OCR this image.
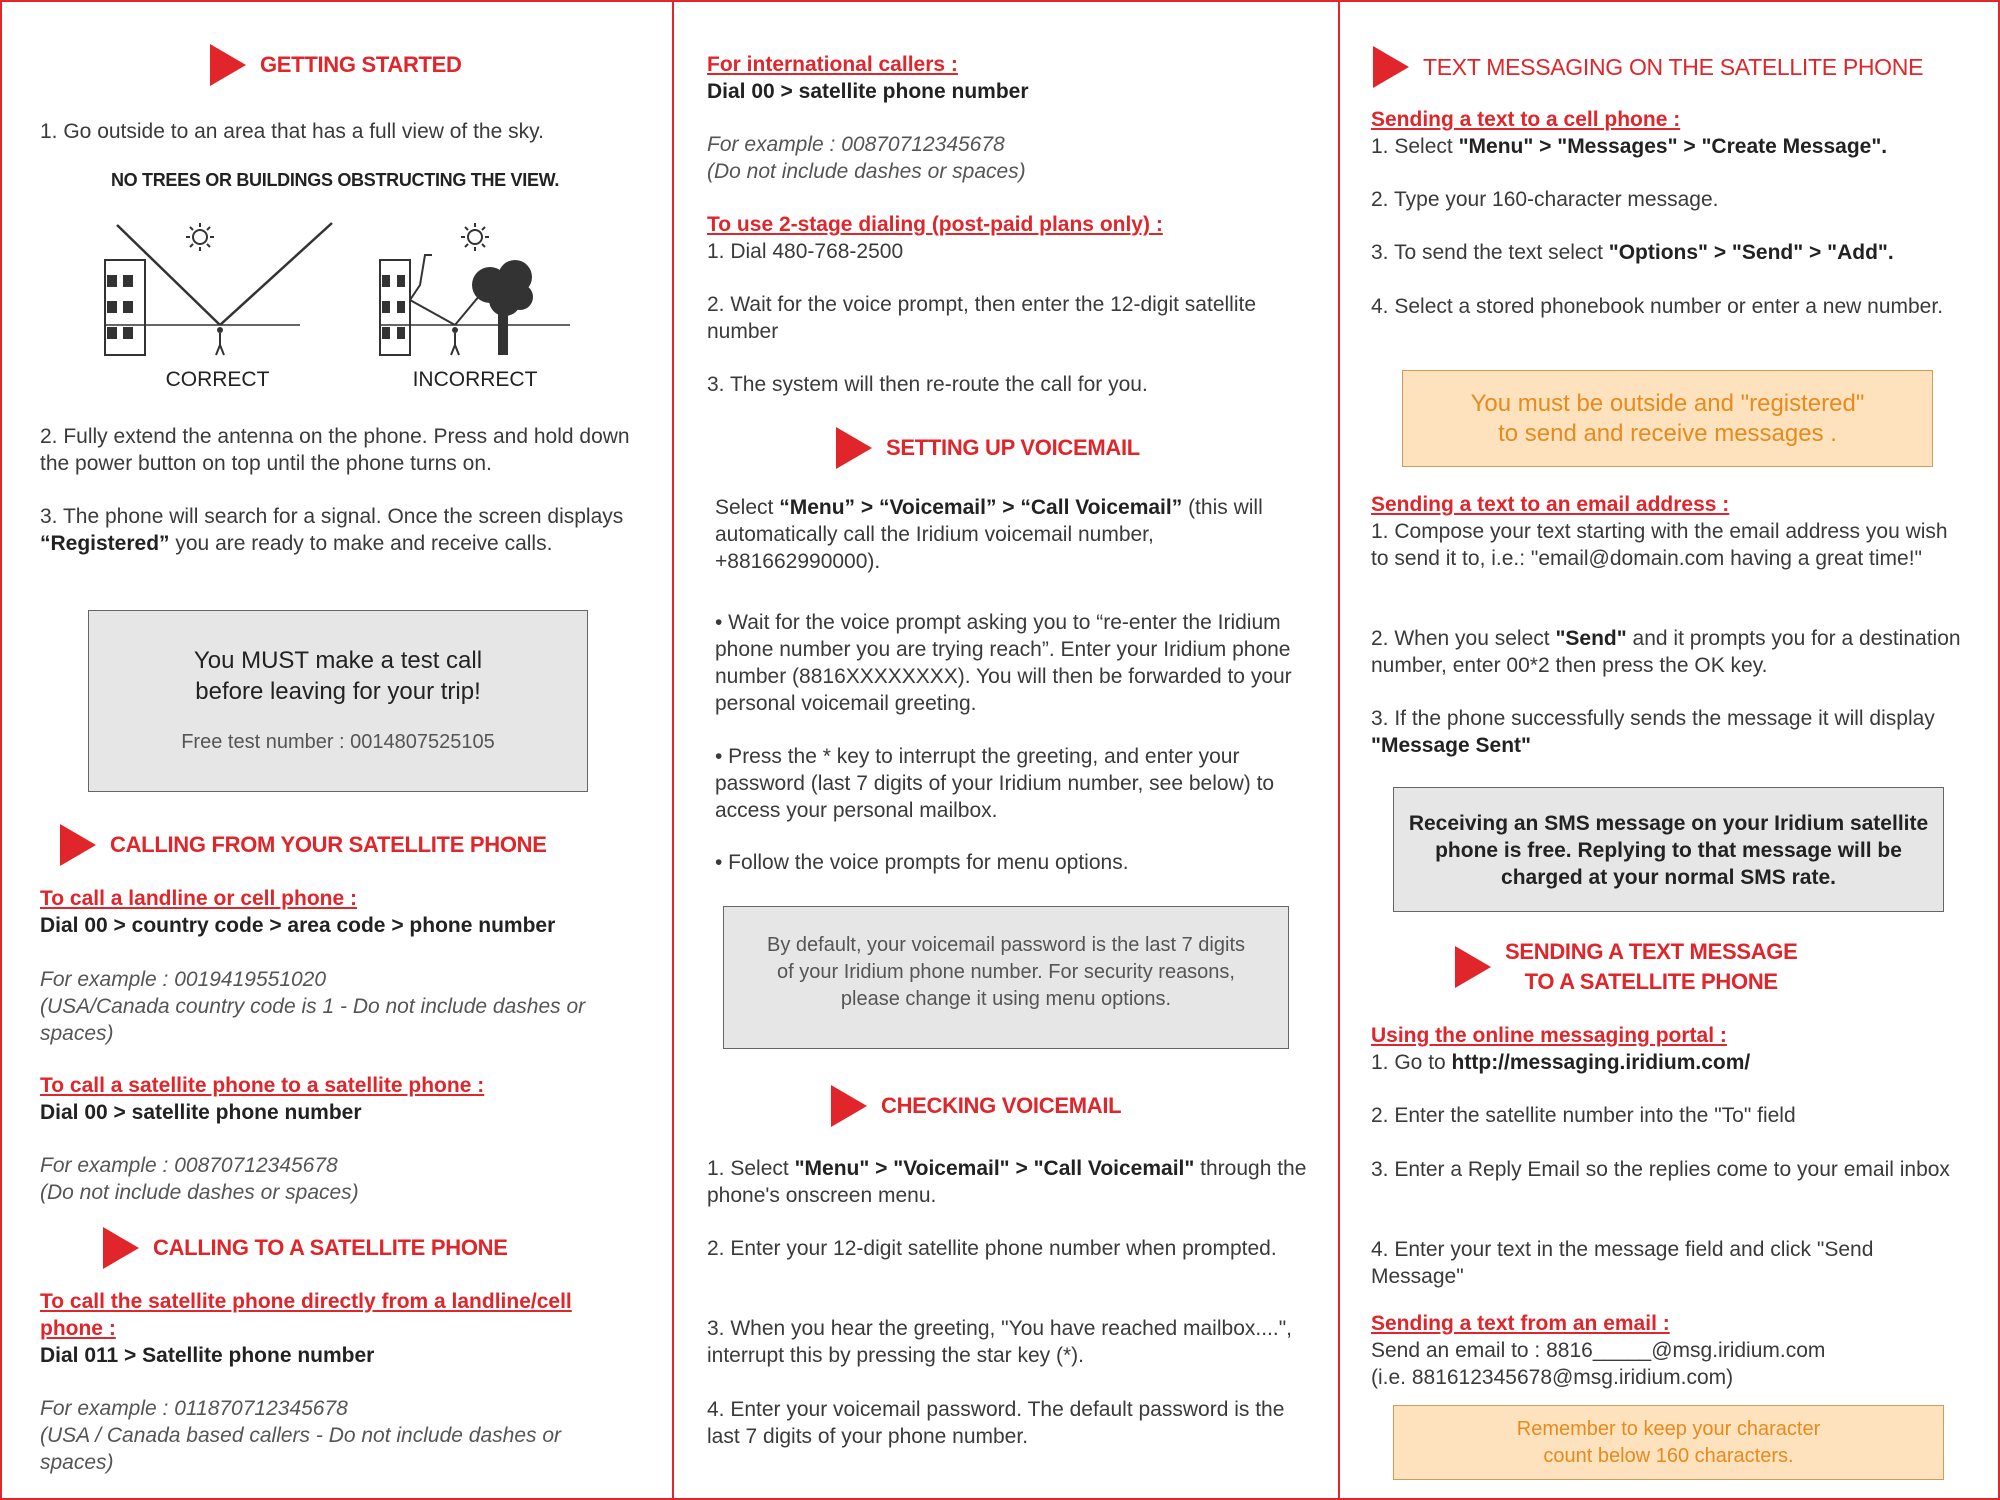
GETTING STARTED
1. Go outside to an area that has a full view of the sky.
NO TREES OR BUILDINGS OBSTRUCTING THE VIEW.
CORRECT	INCORRECT
2. Fully extend the antenna on the phone. Press and hold down the power button on top until the phone turns on.
3. The phone will search for a signal. Once the screen displays “Registered” you are ready to make and receive calls.
You MUST make a test call
before leaving for your trip!
Free test number : 0014807525105
CALLING FROM YOUR SATELLITE PHONE
To call a landline or cell phone :
Dial 00 > country code > area code > phone number
For example : 0019419551020
(USA/Canada country code is 1 - Do not include dashes or spaces)
To call a satellite phone to a satellite phone :
Dial 00 > satellite phone number
For example : 00870712345678
(Do not include dashes or spaces)
CALLING TO A SATELLITE PHONE
To call the satellite phone directly from a landline/cell phone :
Dial 011 > Satellite phone number
For example : 011870712345678
(USA / Canada based callers - Do not include dashes or spaces)
For international callers :
Dial 00 > satellite phone number
For example : 00870712345678
(Do not include dashes or spaces)
To use 2-stage dialing (post-paid plans only) :
1. Dial 480-768-2500
2. Wait for the voice prompt, then enter the 12-digit satellite number
3. The system will then re-route the call for you.
SETTING UP VOICEMAIL
Select “Menu” > “Voicemail” > “Call Voicemail” (this will automatically call the Iridium voicemail number, +881662990000).
• Wait for the voice prompt asking you to “re-enter the Iridium phone number you are trying reach”. Enter your Iridium phone number (8816XXXXXXXX). You will then be forwarded to your personal voicemail greeting.
• Press the * key to interrupt the greeting, and enter your password (last 7 digits of your Iridium number, see below) to access your personal mailbox.
• Follow the voice prompts for menu options.
By default, your voicemail password is the last 7 digits of your Iridium phone number. For security reasons, please change it using menu options.
CHECKING VOICEMAIL
1. Select "Menu" > "Voicemail" > "Call Voicemail" through the phone's onscreen menu.
2. Enter your 12-digit satellite phone number when prompted.
3. When you hear the greeting, "You have reached mailbox....", interrupt this by pressing the star key (*).
4. Enter your voicemail password. The default password is the last 7 digits of your phone number.
TEXT MESSAGING ON THE SATELLITE PHONE
Sending a text to a cell phone :
1. Select "Menu" > "Messages" > "Create Message".
2. Type your 160-character message.
3. To send the text select "Options" > "Send" > "Add".
4. Select a stored phonebook number or enter a new number.
You must be outside and "registered"
to send and receive messages .
Sending a text to an email address :
1. Compose your text starting with the email address you wish to send it to, i.e.: "email@domain.com having a great time!"
2. When you select "Send" and it prompts you for a destination number, enter 00*2 then press the OK key.
3. If the phone successfully sends the message it will display "Message Sent"
Receiving an SMS message on your Iridium satellite phone is free. Replying to that message will be charged at your normal SMS rate.
SENDING A TEXT MESSAGE
TO A SATELLITE PHONE
Using the online messaging portal :
1. Go to http://messaging.iridium.com/
2. Enter the satellite number into the "To" field
3. Enter a Reply Email so the replies come to your email inbox
4. Enter your text in the message field and click "Send Message"
Sending a text from an email :
Send an email to : 8816_____@msg.iridium.com
(i.e. 881612345678@msg.iridium.com)
Remember to keep your character
count below 160 characters.
